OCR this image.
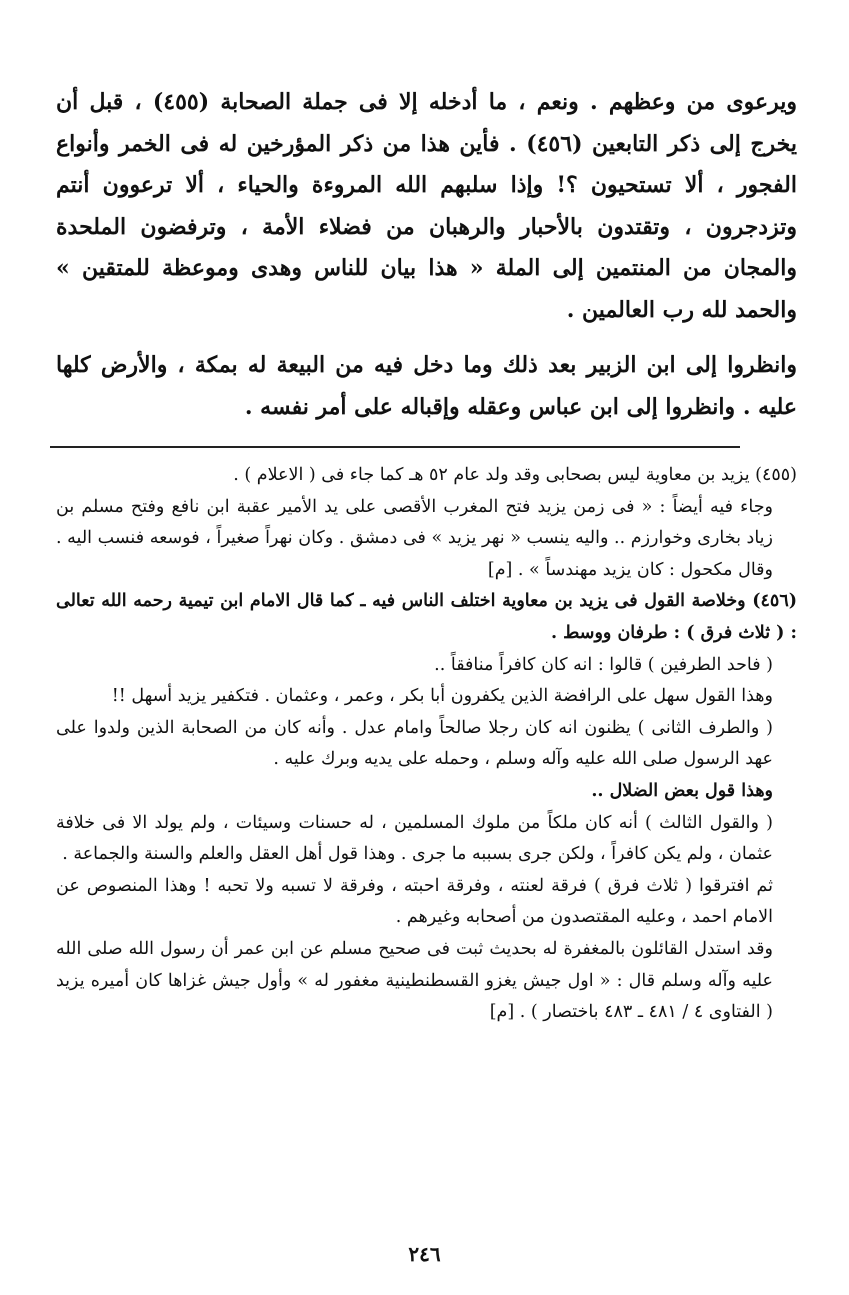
ويرعوى من وعظهم . ونعم ، ما أدخله إلا فى جملة الصحابة (٤٥٥) ، قبل أن يخرج إلى ذكر التابعين (٤٥٦) . فأين هذا من ذكر المؤرخين له فى الخمر وأنواع الفجور ، ألا تستحيون ؟! وإذا سلبهم الله المروءة والحياء ، ألا ترعوون أنتم وتزدجرون ، وتقتدون بالأحبار والرهبان من فضلاء الأمة ، وترفضون الملحدة والمجان من المنتمين إلى الملة « هذا بيان للناس وهدى وموعظة للمتقين » والحمد لله رب العالمين .

وانظروا إلى ابن الزبير بعد ذلك وما دخل فيه من البيعة له بمكة ، والأرض كلها عليه . وانظروا إلى ابن عباس وعقله وإقباله على أمر نفسه .

(٤٥٥) يزيد بن معاوية ليس بصحابى وقد ولد عام ٥٢ هـ كما جاء فى ( الاعلام ) .

وجاء فيه أيضاً : « فى زمن يزيد فتح المغرب الأقصى على يد الأمير عقبة ابن نافع وفتح مسلم بن زياد بخارى وخوارزم .. واليه ينسب « نهر يزيد » فى دمشق . وكان نهراً صغيراً ، فوسعه فنسب اليه . وقال مكحول : كان يزيد مهندساً » . [م]

(٤٥٦) وخلاصة القول فى يزيد بن معاوية اختلف الناس فيه ـ كما قال الامام ابن تيمية رحمه الله تعالى : ( ثلاث فرق ) : طرفان ووسط .

( فاحد الطرفين ) قالوا : انه كان كافراً منافقاً ..

وهذا القول سهل على الرافضة الذين يكفرون أبا بكر ، وعمر ، وعثمان . فتكفير يزيد أسهل !!

( والطرف الثانى ) يظنون انه كان رجلا صالحاً وامام عدل . وأنه كان من الصحابة الذين ولدوا على عهد الرسول صلى الله عليه وآله وسلم ، وحمله على يديه وبرك عليه .

وهذا قول بعض الضلال ..

( والقول الثالث ) أنه كان ملكاً من ملوك المسلمين ، له حسنات وسيئات ، ولم يولد الا فى خلافة عثمان ، ولم يكن كافراً ، ولكن جرى بسببه ما جرى . وهذا قول أهل العقل والعلم والسنة والجماعة .

ثم افترقوا ( ثلاث فرق ) فرقة لعنته ، وفرقة احبته ، وفرقة لا تسبه ولا تحبه ! وهذا المنصوص عن الامام احمد ، وعليه المقتصدون من أصحابه وغيرهم .

وقد استدل القائلون بالمغفرة له بحديث ثبت فى صحيح مسلم عن ابن عمر أن رسول الله صلى الله عليه وآله وسلم قال : « اول جيش يغزو القسطنطينية مغفور له » وأول جيش غزاها كان أميره يزيد ( الفتاوى ٤ / ٤٨١ ـ ٤٨٣ باختصار ) . [م]

٢٤٦
